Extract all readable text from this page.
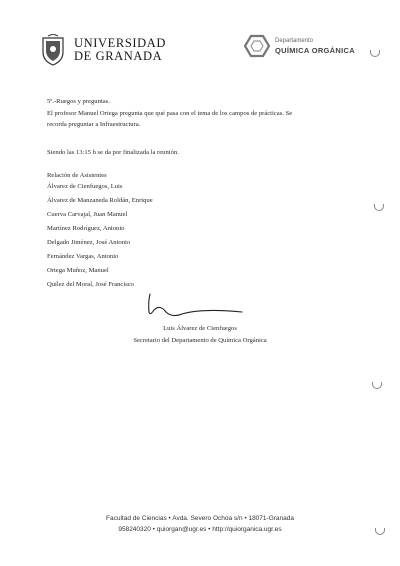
UNIVERSIDAD
DE GRANADA
Departamento
QUÍMICA ORGÁNICA
5º.-Ruegos y preguntas.
El profesor Manuel Ortega pregunta que qué pasa con el tema de los campos de prácticas. Se
recorda preguntar a Infraestructura.
Siendo las 13:15 h se da por finalizada la reunión.
Relación de Asistentes
Álvarez de Cienfuegos, Luis
Álvarez de Manzaneda Roldán, Enrique
Cuerva Carvajal, Juan Manuel
Martínez Rodríguez, Antonio
Delgado Jiménez, José Antonio
Fernández Vargas, Antonio
Ortega Muñoz, Manuel
Quílez del Moral, José Francisco
Luis Álvarez de Cienfuegos
Secretario del Departamento de Química Orgánica
Facultad de Ciencias • Avda. Severo Ochoa s/n • 18071-Granada
958240320 • quiorgan@ugr.es • http://quiorganica.ugr.es
